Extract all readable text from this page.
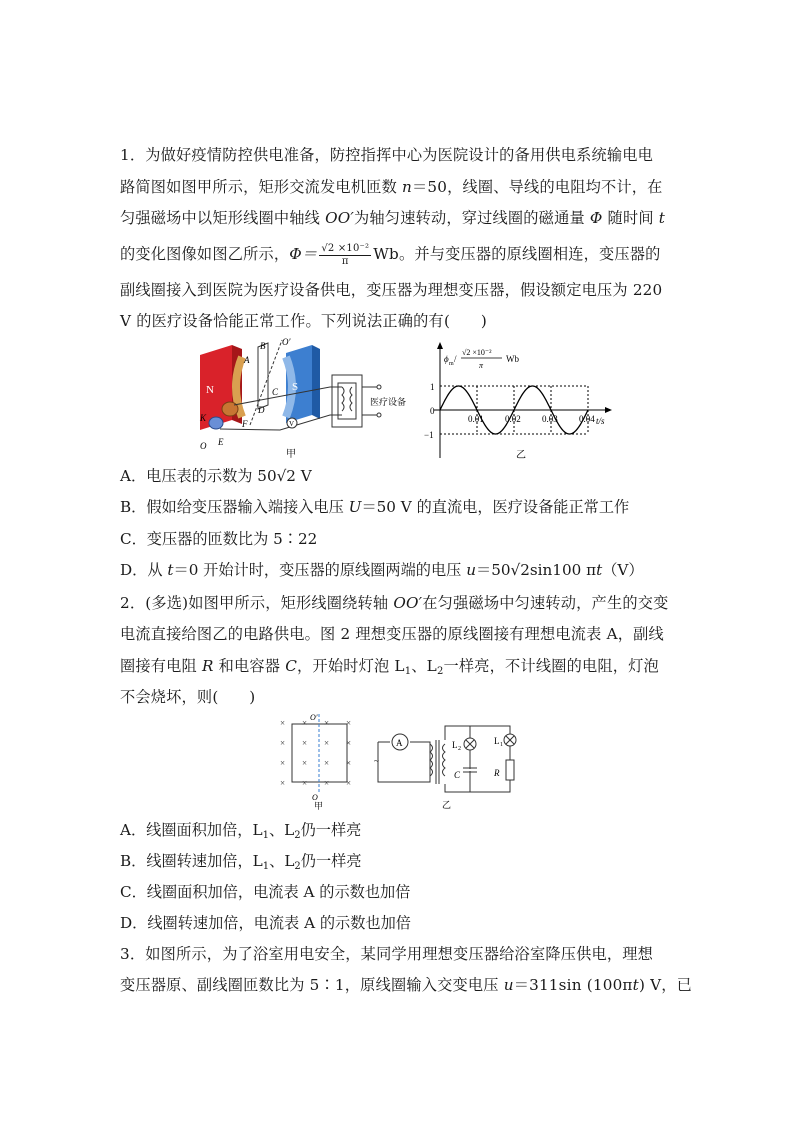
1．为做好疫情防控供电准备，防控指挥中心为医院设计的备用供电系统输电电
路简图如图甲所示，矩形交流发电机匝数 n＝50，线圈、导线的电阻均不计，在
匀强磁场中以矩形线圈中轴线 OO′为轴匀速转动，穿过线圈的磁通量 Φ 随时间 t
的变化图像如图乙所示，$\Phi= \frac{\text{√2 ×10⁻²}}{\pi}$ Wb。并与变压器的原线圈相连，变压器的
副线圈接入到医院为医疗设备供电，变压器为理想变压器，假设额定电压为 220
V 的医疗设备恰能正常工作。下列说法正确的有(　　)
N	S
A
B
C
D
O′
F
K
O E
V
医疗设备
甲
ϕ m /
√2 ×10⁻²
π
Wb
1
0
−1
0.01 0.02 0.03 0.04 t/s
乙
A．电压表的示数为 50√2 V
B．假如给变压器输入端接入电压 U＝50 V 的直流电，医疗设备能正常工作
C．变压器的匝数比为 5∶22
D．从 t＝0 开始计时，变压器的原线圈两端的电压 u＝50√2sin100 πt（V）
2．(多选)如图甲所示，矩形线圈绕转轴 OO′在匀强磁场中匀速转动，产生的交变
电流直接给图乙的电路供电。图 2 理想变压器的原线圈接有理想电流表 A，副线
圈接有电阻 R 和电容器 C，开始时灯泡 $L_1$、$L_2$一样亮，不计线圈的电阻，灯泡
不会烧坏，则(　　)
×
×
×
×
×
×
×
×
×
×
×
×
×
×
×
×
O′
O
甲
A
~
L 2
C
L 1
R
乙
A．线圈面积加倍，$L_1$、$L_2$仍一样亮
B．线圈转速加倍，$L_1$、$L_2$仍一样亮
C．线圈面积加倍，电流表 A 的示数也加倍
D．线圈转速加倍，电流表 A 的示数也加倍
3．如图所示，为了浴室用电安全，某同学用理想变压器给浴室降压供电，理想
变压器原、副线圈匝数比为 5∶1，原线圈输入交变电压 u＝311sin (100πt) V，已
